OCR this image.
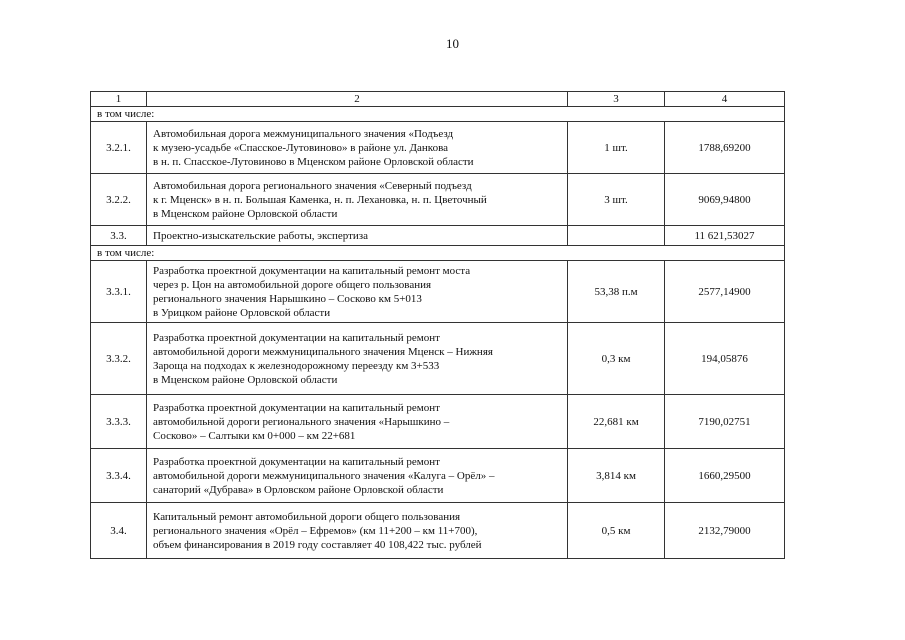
10
1	2	3	4
в том числе:			
3.2.1.	Автомобильная дорога межмуниципального значения «Подъезд
к музею-усадьбе «Спасское-Лутовиново» в районе ул. Данкова
в н. п. Спасское-Лутовиново в Мценском районе Орловской области	1 шт.	1788,69200
3.2.2.	Автомобильная дорога регионального значения «Северный подъезд
к г. Мценск» в н. п. Большая Каменка, н. п. Лехановка, н. п. Цветочный
в Мценском районе Орловской области	3 шт.	9069,94800
3.3.	Проектно-изыскательские работы, экспертиза		11 621,53027
в том числе:			
3.3.1.	Разработка проектной документации на капитальный ремонт моста
через р. Цон на автомобильной дороге общего пользования
регионального значения Нарышкино – Сосково км 5+013
в Урицком районе Орловской области	53,38 п.м	2577,14900
3.3.2.	Разработка проектной документации на капитальный ремонт
автомобильной дороги межмуниципального значения Мценск – Нижняя
Зароща на подходах к железнодорожному переезду км 3+533
в Мценском районе Орловской области	0,3 км	194,05876
3.3.3.	Разработка проектной документации на капитальный ремонт
автомобильной дороги регионального значения «Нарышкино –
Сосково» – Салтыки км 0+000 – км 22+681	22,681 км	7190,02751
3.3.4.	Разработка проектной документации на капитальный ремонт
автомобильной дороги межмуниципального значения «Калуга – Орёл» –
санаторий «Дубрава» в Орловском районе Орловской области	3,814 км	1660,29500
3.4.	Капитальный ремонт автомобильной дороги общего пользования
регионального значения «Орёл – Ефремов» (км 11+200 – км 11+700),
объем финансирования в 2019 году составляет 40 108,422 тыс. рублей	0,5 км	2132,79000
